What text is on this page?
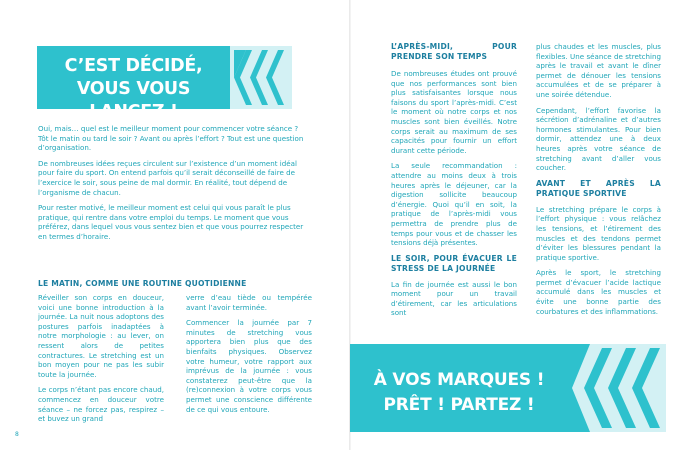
C’EST DÉCIDÉ,
VOUS VOUS LANCEZ !

Oui, mais… quel est le meilleur moment pour commencer votre séance ? Tôt le matin ou tard le soir ? Avant ou après l’effort ? Tout est une question d’organisation.

De nombreuses idées reçues circulent sur l’existence d’un moment idéal pour faire du sport. On entend parfois qu’il serait déconseillé de faire de l’exercice le soir, sous peine de mal dormir. En réalité, tout dépend de l’organisme de chacun.

Pour rester motivé, le meilleur moment est celui qui vous paraît le plus pratique, qui rentre dans votre emploi du temps. Le moment que vous préférez, dans lequel vous vous sentez bien et que vous pourrez respecter en termes d’horaire.

LE MATIN, COMME UNE ROUTINE QUOTIDIENNE

Réveiller son corps en douceur, voici une bonne introduction à la journée. La nuit nous adoptons des postures parfois inadaptées à notre morphologie : au lever, on ressent alors de petites contractures. Le stretching est un bon moyen pour ne pas les subir toute la journée.

Le corps n’étant pas encore chaud, commencez en douceur votre séance – ne forcez pas, respirez – et buvez un grand

verre d’eau tiède ou tempérée avant l’avoir terminée.

Commencer la journée par 7 minutes de stretching vous apportera bien plus que des bienfaits physiques. Observez votre humeur, votre rapport aux imprévus de la journée : vous constaterez peut-être que la (re)connexion à votre corps vous permet une conscience différente de ce qui vous entoure.

8
L’APRÈS-MIDI, POUR PRENDRE SON TEMPS

De nombreuses études ont prouvé que nos performances sont bien plus satisfaisantes lorsque nous faisons du sport l’après-midi. C’est le moment où notre corps et nos muscles sont bien éveillés. Notre corps serait au maximum de ses capacités pour fournir un effort durant cette période.

La seule recommandation : attendre au moins deux à trois heures après le déjeuner, car la digestion sollicite beaucoup d’énergie. Quoi qu’il en soit, la pratique de l’après-midi vous permettra de prendre plus de temps pour vous et de chasser les tensions déjà présentes.

LE SOIR, POUR ÉVACUER LE STRESS DE LA JOURNÉE

La fin de journée est aussi le bon moment pour un travail d’étirement, car les articulations sont

plus chaudes et les muscles, plus flexibles. Une séance de stretching après le travail et avant le dîner permet de dénouer les tensions accumulées et de se préparer à une soirée détendue.

Cependant, l’effort favorise la sécrétion d’adrénaline et d’autres hormones stimulantes. Pour bien dormir, attendez une à deux heures après votre séance de stretching avant d’aller vous coucher.

AVANT ET APRÈS LA PRATIQUE SPORTIVE

Le stretching prépare le corps à l’effort physique : vous relâchez les tensions, et l’étirement des muscles et des tendons permet d’éviter les blessures pendant la pratique sportive.

Après le sport, le stretching permet d’évacuer l’acide lactique accumulé dans les muscles et évite une bonne partie des courbatures et des inflammations.

À VOS MARQUES !
PRÊT ! PARTEZ !
